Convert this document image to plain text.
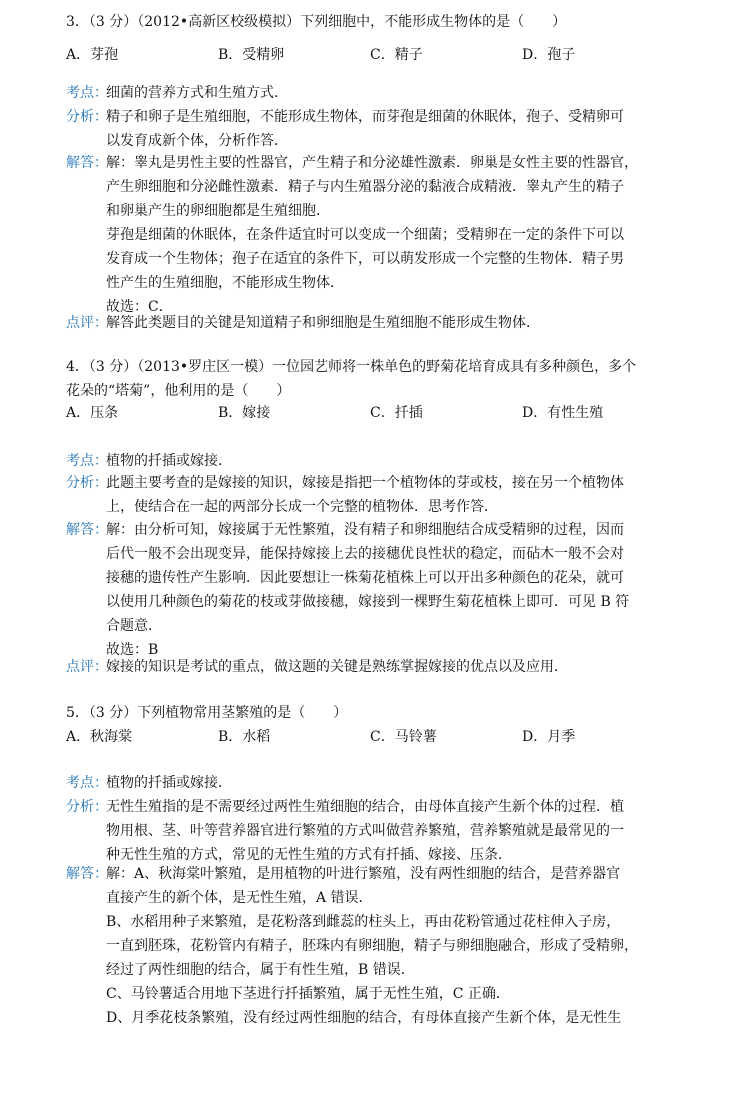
3．（3 分）（2012•高新区校级模拟）下列细胞中，不能形成生物体的是（　　）
A．芽孢	B．受精卵	C．精子	D．孢子
考点：
细菌的营养方式和生殖方式．
分析：
精子和卵子是生殖细胞，不能形成生物体，而芽孢是细菌的休眠体，孢子、受精卵可
以发育成新个体，分析作答．
解答：
解：睾丸是男性主要的性器官，产生精子和分泌雄性激素．卵巢是女性主要的性器官，
产生卵细胞和分泌雌性激素．精子与内生殖器分泌的黏液合成精液．睾丸产生的精子
和卵巢产生的卵细胞都是生殖细胞．
芽孢是细菌的休眠体，在条件适宜时可以变成一个细菌；受精卵在一定的条件下可以
发育成一个生物体；孢子在适宜的条件下，可以萌发形成一个完整的生物体．精子男
性产生的生殖细胞，不能形成生物体．
故选：C．
点评：
解答此类题目的关键是知道精子和卵细胞是生殖细胞不能形成生物体．
4．（3 分）（2013•罗庄区一模）一位园艺师将一株单色的野菊花培育成具有多种颜色，多个
花朵的“塔菊”，他利用的是（　　）
A．压条	B．嫁接	C．扦插	D．有性生殖
考点：
植物的扦插或嫁接．
分析：
此题主要考查的是嫁接的知识，嫁接是指把一个植物体的芽或枝，接在另一个植物体
上，使结合在一起的两部分长成一个完整的植物体．思考作答．
解答：
解：由分析可知，嫁接属于无性繁殖，没有精子和卵细胞结合成受精卵的过程，因而
后代一般不会出现变异，能保持嫁接上去的接穗优良性状的稳定，而砧木一般不会对
接穗的遗传性产生影响．因此要想让一株菊花植株上可以开出多种颜色的花朵，就可
以使用几种颜色的菊花的枝或芽做接穗，嫁接到一棵野生菊花植株上即可．可见 B 符
合题意．
故选：B
点评：
嫁接的知识是考试的重点，做这题的关键是熟练掌握嫁接的优点以及应用．
5．（3 分）下列植物常用茎繁殖的是（　　）
A．秋海棠	B．水稻	C．马铃薯	D．月季
考点：
植物的扦插或嫁接．
分析：
无性生殖指的是不需要经过两性生殖细胞的结合，由母体直接产生新个体的过程．植
物用根、茎、叶等营养器官进行繁殖的方式叫做营养繁殖，营养繁殖就是最常见的一
种无性生殖的方式，常见的无性生殖的方式有扦插、嫁接、压条．
解答：
解：A、秋海棠叶繁殖，是用植物的叶进行繁殖，没有两性细胞的结合，是营养器官
直接产生的新个体，是无性生殖，A 错误．
B、水稻用种子来繁殖，是花粉落到雌蕊的柱头上，再由花粉管通过花柱伸入子房，
一直到胚珠，花粉管内有精子，胚珠内有卵细胞，精子与卵细胞融合，形成了受精卵，
经过了两性细胞的结合，属于有性生殖，B 错误．
C、马铃薯适合用地下茎进行扦插繁殖，属于无性生殖，C 正确．
D、月季花枝条繁殖，没有经过两性细胞的结合，有母体直接产生新个体，是无性生
